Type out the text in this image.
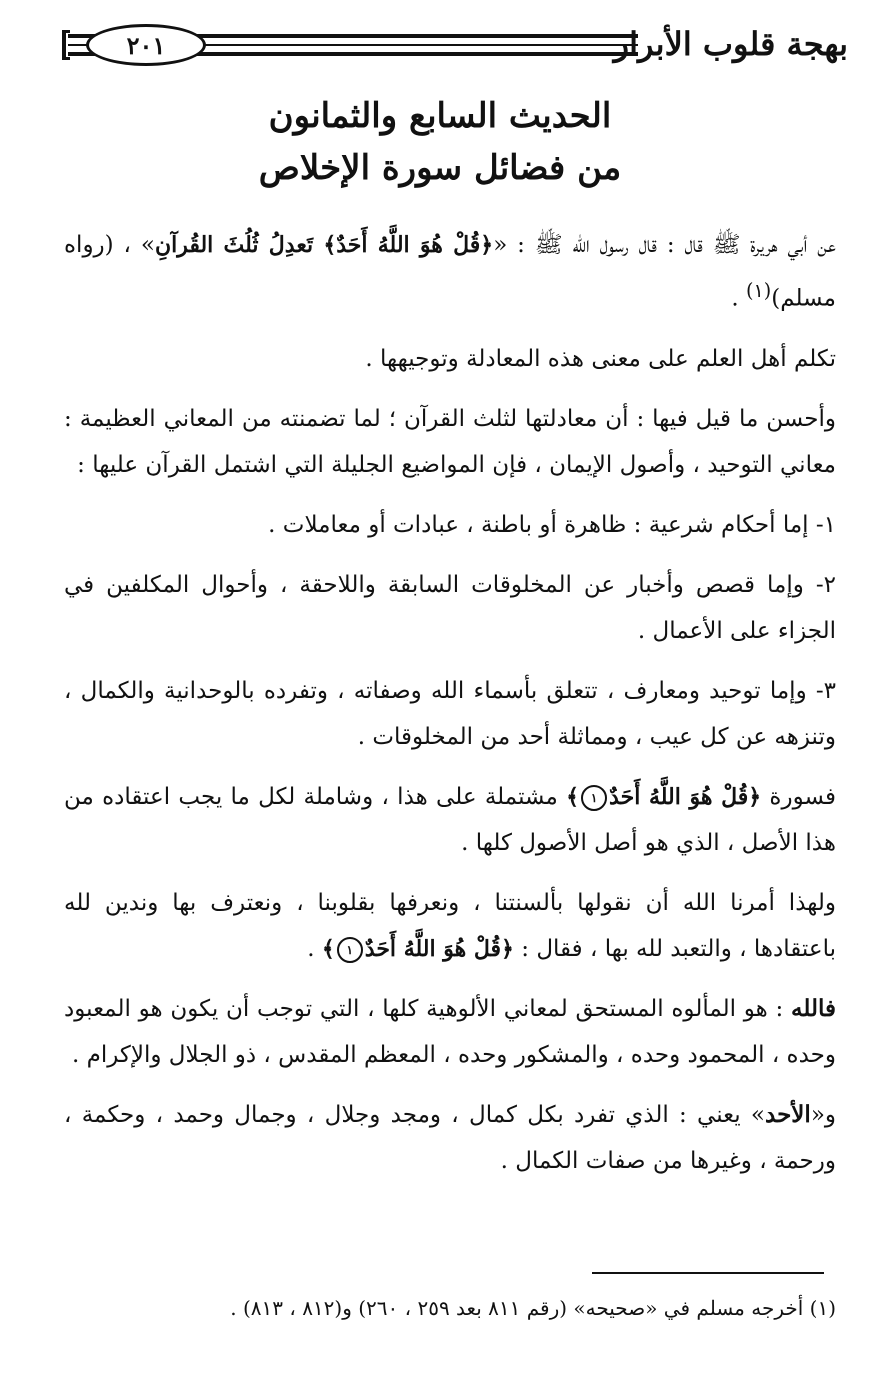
٢٠١	بهجة قلوب الأبرار
الحديث السابع والثمانون
من فضائل سورة الإخلاص

عن أبي هريرة ﷺ قال : قال رسول الله ﷺ : «﴿قُلْ هُوَ اللَّهُ أَحَدٌ﴾ تَعدِلُ ثُلُثَ القُرآنِ» ، (رواه مسلم)$^{(١)}$ .

تكلم أهل العلم على معنى هذه المعادلة وتوجيهها .

وأحسن ما قيل فيها : أن معادلتها لثلث القرآن ؛ لما تضمنته من المعاني العظيمة : معاني التوحيد ، وأصول الإيمان ، فإن المواضيع الجليلة التي اشتمل القرآن عليها :

١- إما أحكام شرعية : ظاهرة أو باطنة ، عبادات أو معاملات .

٢- وإما قصص وأخبار عن المخلوقات السابقة واللاحقة ، وأحوال المكلفين في الجزاء على الأعمال .

٣- وإما توحيد ومعارف ، تتعلق بأسماء الله وصفاته ، وتفرده بالوحدانية والكمال ، وتنزهه عن كل عيب ، ومماثلة أحد من المخلوقات .

فسورة ﴿قُلْ هُوَ اللَّهُ أَحَدٌ١﴾ مشتملة على هذا ، وشاملة لكل ما يجب اعتقاده من هذا الأصل ، الذي هو أصل الأصول كلها .

ولهذا أمرنا الله أن نقولها بألسنتنا ، ونعرفها بقلوبنا ، ونعترف بها وندين لله باعتقادها ، والتعبد لله بها ، فقال : ﴿قُلْ هُوَ اللَّهُ أَحَدٌ١﴾ .

فالله : هو المألوه المستحق لمعاني الألوهية كلها ، التي توجب أن يكون هو المعبود وحده ، المحمود وحده ، والمشكور وحده ، المعظم المقدس ، ذو الجلال والإكرام .

و«الأحد» يعني : الذي تفرد بكل كمال ، ومجد وجلال ، وجمال وحمد ، وحكمة ، ورحمة ، وغيرها من صفات الكمال .

(١) أخرجه مسلم في «صحيحه» (رقم ٨١١ بعد ٢٥٩ ، ٢٦٠) و(٨١٢ ، ٨١٣) .
